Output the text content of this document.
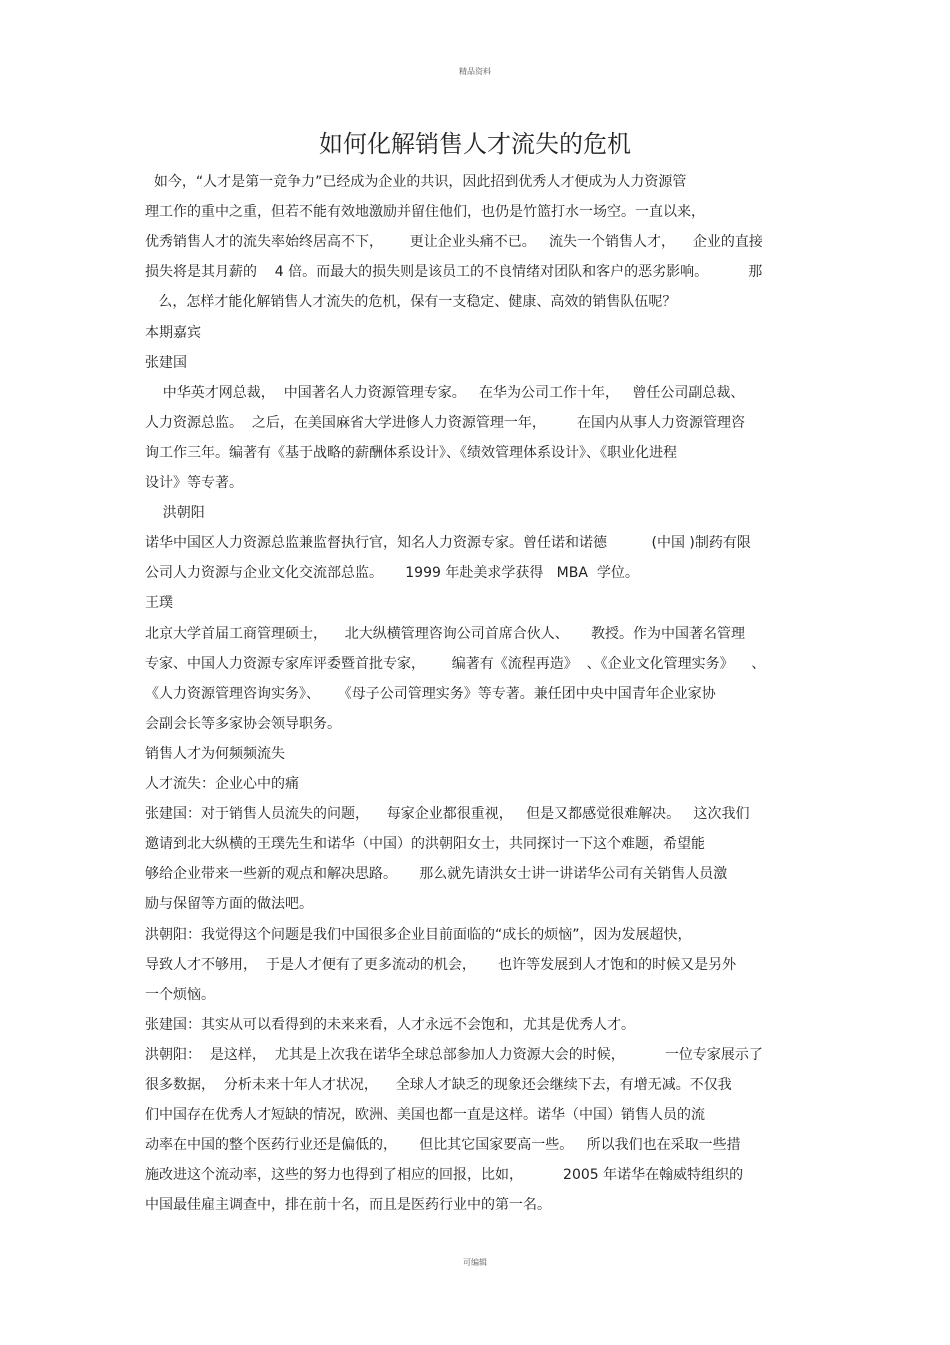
精品资料
如何化解销售人才流失的危机
如今，“人才是第一竞争力”已经成为企业的共识，因此招到优秀人才便成为人力资源管
理工作的重中之重，但若不能有效地激励并留住他们，也仍是竹篮打水一场空。一直以来，
优秀销售人才的流失率始终居高不下，      更让企业头痛不已。   流失一个销售人才，    企业的直接
损失将是其月薪的    4 倍。而最大的损失则是该员工的不良情绪对团队和客户的恶劣影响。         那
么，怎样才能化解销售人才流失的危机，保有一支稳定、健康、高效的销售队伍呢？
本期嘉宾
张建国
中华英才网总裁，  中国著名人力资源管理专家。   在华为公司工作十年，   曾任公司副总裁、
人力资源总监。  之后，在美国麻省大学进修人力资源管理一年，       在国内从事人力资源管理咨
询工作三年。编著有《基于战略的薪酬体系设计》、《绩效管理体系设计》、《职业化进程
设计》等专著。
洪朝阳
诺华中国区人力资源总监兼监督执行官，知名人力资源专家。曾任诺和诺德          (中国 )制药有限
公司人力资源与企业文化交流部总监。     1999 年赴美求学获得   MBA  学位。
王璞
北京大学首届工商管理硕士，    北大纵横管理咨询公司首席合伙人、     教授。作为中国著名管理
专家、中国人力资源专家库评委暨首批专家，      编著有《流程再造》  、《企业文化管理实务》    、
《人力资源管理咨询实务》、    《母子公司管理实务》等专著。兼任团中央中国青年企业家协
会副会长等多家协会领导职务。
销售人才为何频频流失
人才流失：企业心中的痛
张建国：对于销售人员流失的问题，    每家企业都很重视，   但是又都感觉很难解决。   这次我们
邀请到北大纵横的王璞先生和诺华（中国）的洪朝阳女士，共同探讨一下这个难题，希望能
够给企业带来一些新的观点和解决思路。     那么就先请洪女士讲一讲诺华公司有关销售人员激
励与保留等方面的做法吧。
洪朝阳：我觉得这个问题是我们中国很多企业目前面临的“成长的烦恼”，因为发展超快，
导致人才不够用，  于是人才便有了更多流动的机会，     也许等发展到人才饱和的时候又是另外
一个烦恼。
张建国：其实从可以看得到的未来来看，人才永远不会饱和，尤其是优秀人才。
洪朝阳：  是这样，  尤其是上次我在诺华全球总部参加人力资源大会的时候，         一位专家展示了
很多数据，  分析未来十年人才状况，    全球人才缺乏的现象还会继续下去，有增无减。不仅我
们中国存在优秀人才短缺的情况，欧洲、美国也都一直是这样。诺华（中国）销售人员的流
动率在中国的整个医药行业还是偏低的，     但比其它国家要高一些。   所以我们也在采取一些措
施改进这个流动率，这些的努力也得到了相应的回报，比如，         2005 年诺华在翰威特组织的
中国最佳雇主调查中，排在前十名，而且是医药行业中的第一名。
可编辑
